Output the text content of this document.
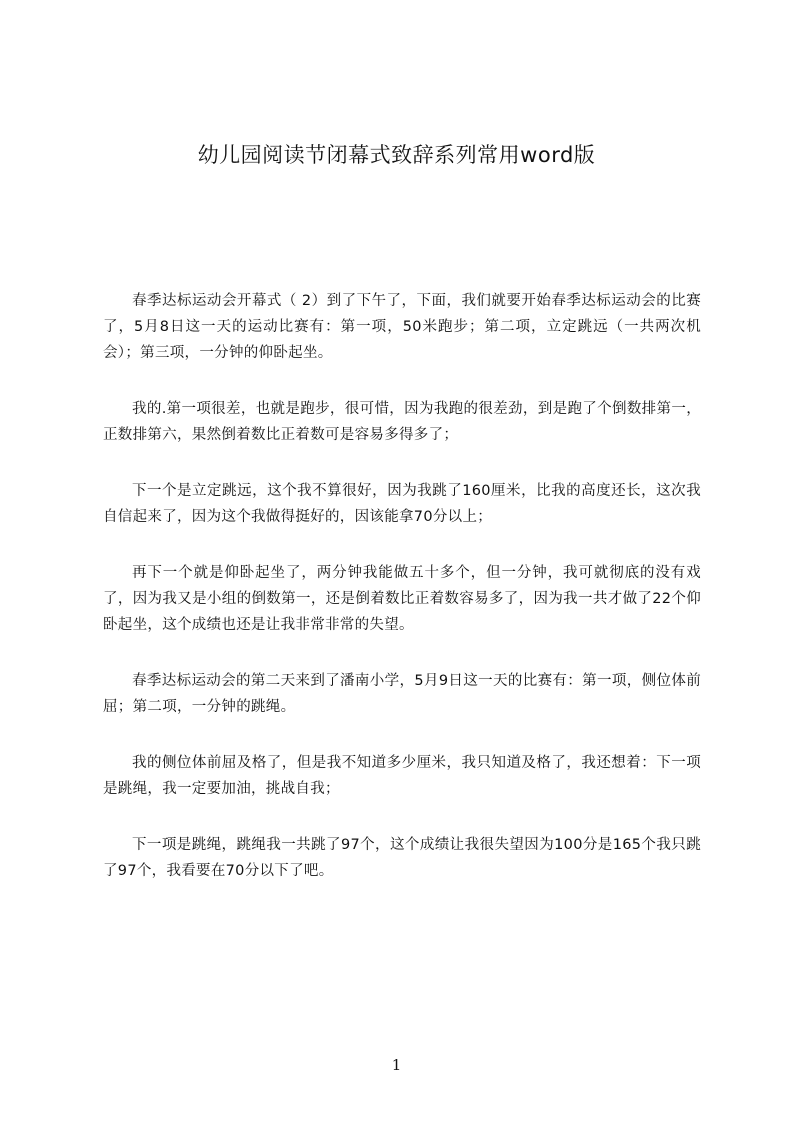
幼儿园阅读节闭幕式致辞系列常用word版

春季达标运动会开幕式（ 2）到了下午了，下面，我们就要开始春季达标运动会的比赛了，5月8日这一天的运动比赛有：第一项，50米跑步；第二项，立定跳远（一共两次机会）；第三项，一分钟的仰卧起坐。

我的.第一项很差，也就是跑步，很可惜，因为我跑的很差劲，到是跑了个倒数排第一，正数排第六，果然倒着数比正着数可是容易多得多了；

下一个是立定跳远，这个我不算很好，因为我跳了160厘米，比我的高度还长，这次我自信起来了，因为这个我做得挺好的，因该能拿70分以上；

再下一个就是仰卧起坐了，两分钟我能做五十多个，但一分钟，我可就彻底的没有戏了，因为我又是小组的倒数第一，还是倒着数比正着数容易多了，因为我一共才做了22个仰卧起坐，这个成绩也还是让我非常非常的失望。

春季达标运动会的第二天来到了潘南小学，5月9日这一天的比赛有：第一项，侧位体前屈；第二项，一分钟的跳绳。

我的侧位体前屈及格了，但是我不知道多少厘米，我只知道及格了，我还想着：下一项是跳绳，我一定要加油，挑战自我；

下一项是跳绳，跳绳我一共跳了97个，这个成绩让我很失望因为100分是165个我只跳了97个，我看要在70分以下了吧。

1
